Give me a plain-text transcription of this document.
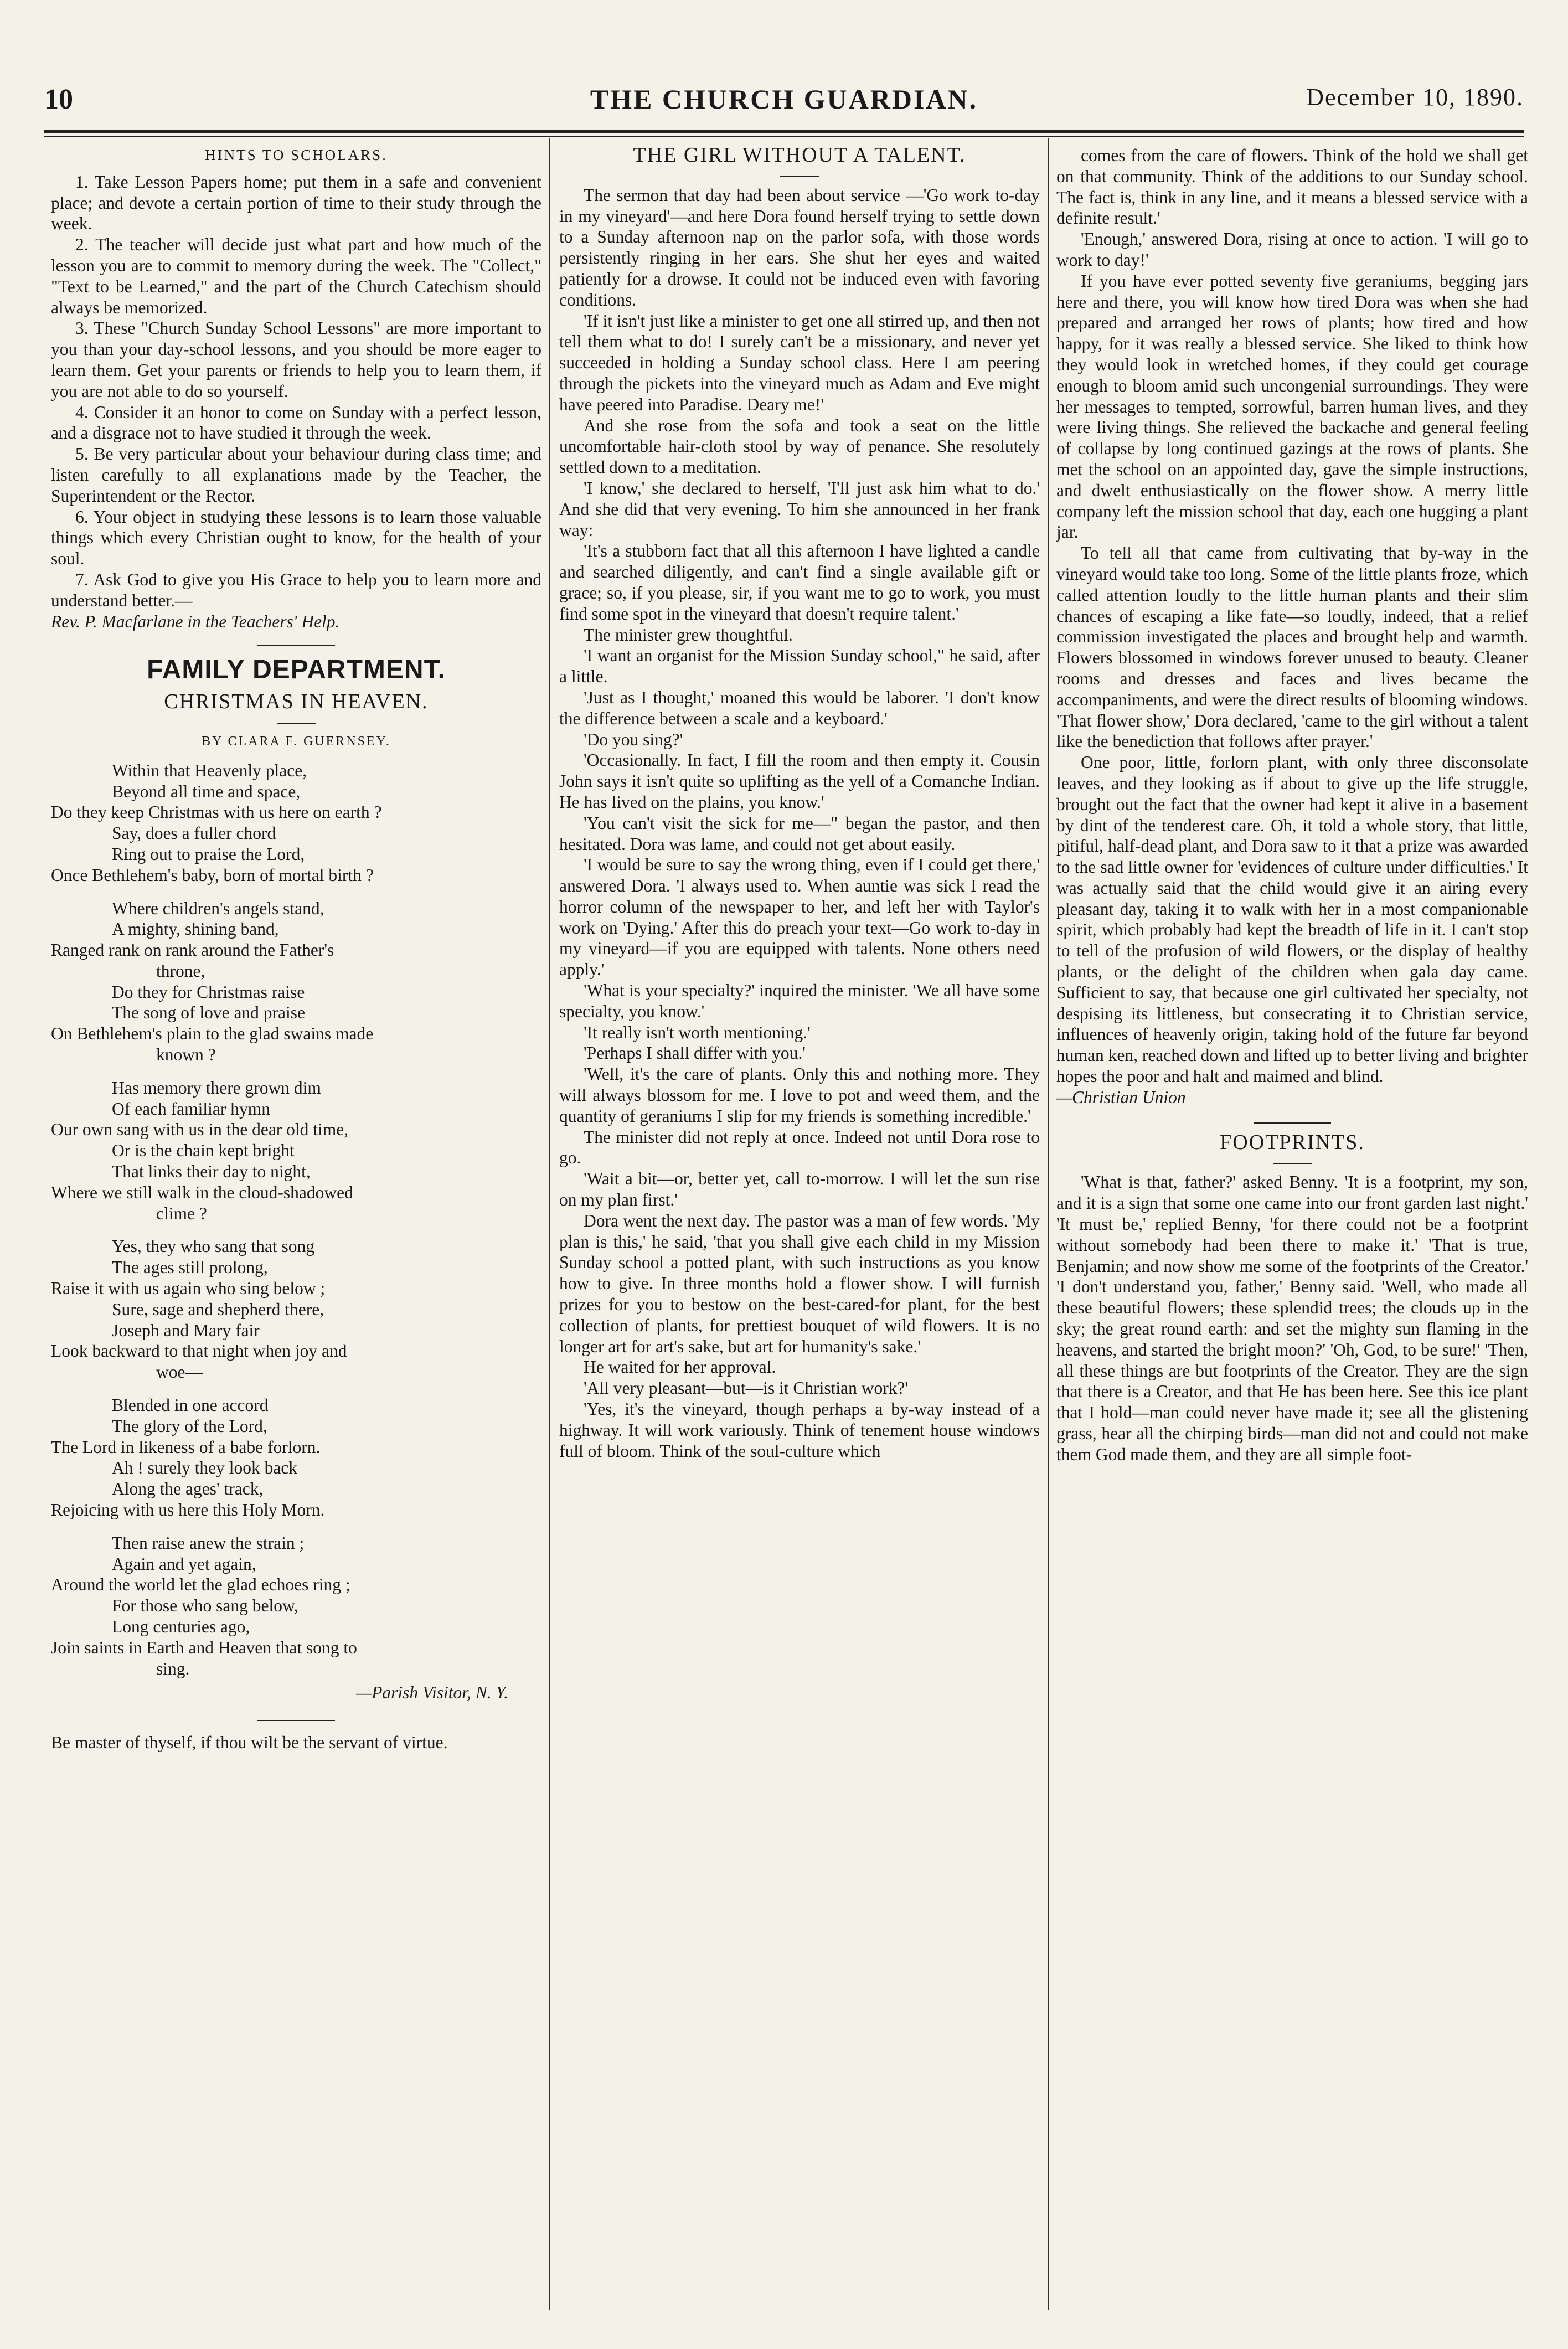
10	THE CHURCH GUARDIAN.	December 10, 1890.

HINTS TO SCHOLARS.

1. Take Lesson Papers home; put them in a safe and convenient place; and devote a certain portion of time to their study through the week.

2. The teacher will decide just what part and how much of the lesson you are to commit to memory during the week. The "Collect," "Text to be Learned," and the part of the Church Catechism should always be memorized.

3. These "Church Sunday School Lessons" are more important to you than your day-school lessons, and you should be more eager to learn them. Get your parents or friends to help you to learn them, if you are not able to do so yourself.

4. Consider it an honor to come on Sunday with a perfect lesson, and a disgrace not to have studied it through the week.

5. Be very particular about your behaviour during class time; and listen carefully to all explanations made by the Teacher, the Superintendent or the Rector.

6. Your object in studying these lessons is to learn those valuable things which every Christian ought to know, for the health of your soul.

7. Ask God to give you His Grace to help you to learn more and understand better.—

Rev. P. Macfarlane in the Teachers' Help.

FAMILY DEPARTMENT.
CHRISTMAS IN HEAVEN.

BY CLARA F. GUERNSEY.

Within that Heavenly place,

Beyond all time and space,

Do they keep Christmas with us here on earth ?

Say, does a fuller chord

Ring out to praise the Lord,

Once Bethlehem's baby, born of mortal birth ?

Where children's angels stand,

A mighty, shining band,

Ranged rank on rank around the Father's

throne,

Do they for Christmas raise

The song of love and praise

On Bethlehem's plain to the glad swains made

known ?

Has memory there grown dim

Of each familiar hymn

Our own sang with us in the dear old time,

Or is the chain kept bright

That links their day to night,

Where we still walk in the cloud-shadowed

clime ?

Yes, they who sang that song

The ages still prolong,

Raise it with us again who sing below ;

Sure, sage and shepherd there,

Joseph and Mary fair

Look backward to that night when joy and

woe—

Blended in one accord

The glory of the Lord,

The Lord in likeness of a babe forlorn.

Ah ! surely they look back

Along the ages' track,

Rejoicing with us here this Holy Morn.

Then raise anew the strain ;

Again and yet again,

Around the world let the glad echoes ring ;

For those who sang below,

Long centuries ago,

Join saints in Earth and Heaven that song to

sing.

—Parish Visitor, N. Y.

Be master of thyself, if thou wilt be the servant of virtue.

THE GIRL WITHOUT A TALENT.

The sermon that day had been about service —'Go work to-day in my vineyard'—and here Dora found herself trying to settle down to a Sunday afternoon nap on the parlor sofa, with those words persistently ringing in her ears. She shut her eyes and waited patiently for a drowse. It could not be induced even with favoring conditions.

'If it isn't just like a minister to get one all stirred up, and then not tell them what to do! I surely can't be a missionary, and never yet succeeded in holding a Sunday school class. Here I am peering through the pickets into the vineyard much as Adam and Eve might have peered into Paradise. Deary me!'

And she rose from the sofa and took a seat on the little uncomfortable hair-cloth stool by way of penance. She resolutely settled down to a meditation.

'I know,' she declared to herself, 'I'll just ask him what to do.' And she did that very evening. To him she announced in her frank way:

'It's a stubborn fact that all this afternoon I have lighted a candle and searched diligently, and can't find a single available gift or grace; so, if you please, sir, if you want me to go to work, you must find some spot in the vineyard that doesn't require talent.'

The minister grew thoughtful.

'I want an organist for the Mission Sunday school," he said, after a little.

'Just as I thought,' moaned this would be laborer. 'I don't know the difference between a scale and a keyboard.'

'Do you sing?'

'Occasionally. In fact, I fill the room and then empty it. Cousin John says it isn't quite so uplifting as the yell of a Comanche Indian. He has lived on the plains, you know.'

'You can't visit the sick for me—" began the pastor, and then hesitated. Dora was lame, and could not get about easily.

'I would be sure to say the wrong thing, even if I could get there,' answered Dora. 'I always used to. When auntie was sick I read the horror column of the newspaper to her, and left her with Taylor's work on 'Dying.' After this do preach your text—Go work to-day in my vineyard—if you are equipped with talents. None others need apply.'

'What is your specialty?' inquired the minister. 'We all have some specialty, you know.'

'It really isn't worth mentioning.'

'Perhaps I shall differ with you.'

'Well, it's the care of plants. Only this and nothing more. They will always blossom for me. I love to pot and weed them, and the quantity of geraniums I slip for my friends is something incredible.'

The minister did not reply at once. Indeed not until Dora rose to go.

'Wait a bit—or, better yet, call to-morrow. I will let the sun rise on my plan first.'

Dora went the next day. The pastor was a man of few words. 'My plan is this,' he said, 'that you shall give each child in my Mission Sunday school a potted plant, with such instructions as you know how to give. In three months hold a flower show. I will furnish prizes for you to bestow on the best-cared-for plant, for the best collection of plants, for prettiest bouquet of wild flowers. It is no longer art for art's sake, but art for humanity's sake.'

He waited for her approval.

'All very pleasant—but—is it Christian work?'

'Yes, it's the vineyard, though perhaps a by-way instead of a highway. It will work variously. Think of tenement house windows full of bloom. Think of the soul-culture which

comes from the care of flowers. Think of the hold we shall get on that community. Think of the additions to our Sunday school. The fact is, think in any line, and it means a blessed service with a definite result.'

'Enough,' answered Dora, rising at once to action. 'I will go to work to day!'

If you have ever potted seventy five geraniums, begging jars here and there, you will know how tired Dora was when she had prepared and arranged her rows of plants; how tired and how happy, for it was really a blessed service. She liked to think how they would look in wretched homes, if they could get courage enough to bloom amid such uncongenial surroundings. They were her messages to tempted, sorrowful, barren human lives, and they were living things. She relieved the backache and general feeling of collapse by long continued gazings at the rows of plants. She met the school on an appointed day, gave the simple instructions, and dwelt enthusiastically on the flower show. A merry little company left the mission school that day, each one hugging a plant jar.

To tell all that came from cultivating that by-way in the vineyard would take too long. Some of the little plants froze, which called attention loudly to the little human plants and their slim chances of escaping a like fate—so loudly, indeed, that a relief commission investigated the places and brought help and warmth. Flowers blossomed in windows forever unused to beauty. Cleaner rooms and dresses and faces and lives became the accompaniments, and were the direct results of blooming windows. 'That flower show,' Dora declared, 'came to the girl without a talent like the benediction that follows after prayer.'

One poor, little, forlorn plant, with only three disconsolate leaves, and they looking as if about to give up the life struggle, brought out the fact that the owner had kept it alive in a basement by dint of the tenderest care. Oh, it told a whole story, that little, pitiful, half-dead plant, and Dora saw to it that a prize was awarded to the sad little owner for 'evidences of culture under difficulties.' It was actually said that the child would give it an airing every pleasant day, taking it to walk with her in a most companionable spirit, which probably had kept the breadth of life in it. I can't stop to tell of the profusion of wild flowers, or the display of healthy plants, or the delight of the children when gala day came. Sufficient to say, that because one girl cultivated her specialty, not despising its littleness, but consecrating it to Christian service, influences of heavenly origin, taking hold of the future far beyond human ken, reached down and lifted up to better living and brighter hopes the poor and halt and maimed and blind.

—Christian Union

FOOTPRINTS.

'What is that, father?' asked Benny. 'It is a footprint, my son, and it is a sign that some one came into our front garden last night.' 'It must be,' replied Benny, 'for there could not be a footprint without somebody had been there to make it.' 'That is true, Benjamin; and now show me some of the footprints of the Creator.' 'I don't understand you, father,' Benny said. 'Well, who made all these beautiful flowers; these splendid trees; the clouds up in the sky; the great round earth: and set the mighty sun flaming in the heavens, and started the bright moon?' 'Oh, God, to be sure!' 'Then, all these things are but footprints of the Creator. They are the sign that there is a Creator, and that He has been here. See this ice plant that I hold—man could never have made it; see all the glistening grass, hear all the chirping birds—man did not and could not make them God made them, and they are all simple foot-
